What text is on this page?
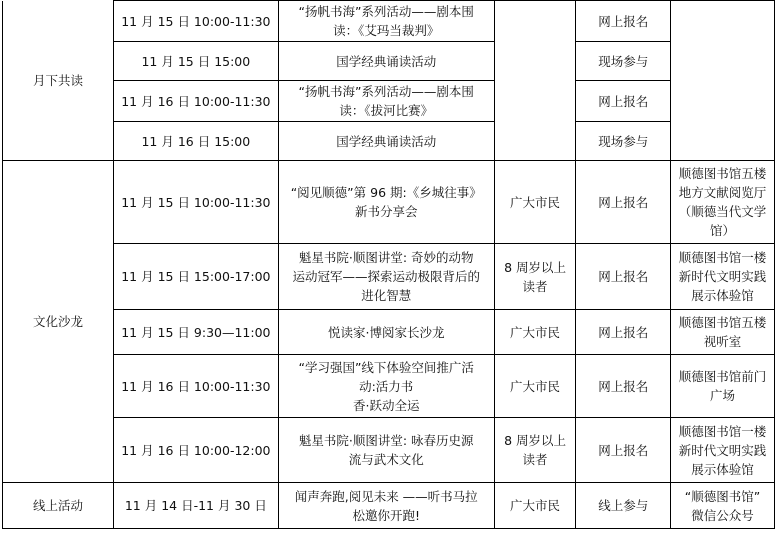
月下共读	11 月 15 日 10:00-11:30	“扬帆书海”系列活动——剧本围
读：《艾玛当裁判》		网上报名	

	11 月 15 日 15:00	国学经典诵读活动		现场参与	

	11 月 16 日 10:00-11:30	“扬帆书海”系列活动——剧本围
读：《拔河比赛》		网上报名	

	11 月 16 日 15:00	国学经典诵读活动		现场参与	

文化沙龙	11 月 15 日 10:00-11:30	“阅见顺德”第 96 期:《乡城往事》
新书分享会	广大市民	网上报名	顺德图书馆五楼
地方文献阅览厅
（顺德当代文学
馆）

	11 月 15 日 15:00-17:00	魁星书院·顺图讲堂: 奇妙的动物
运动冠军——探索运动极限背后的
进化智慧	8 周岁以上
读者	网上报名	顺德图书馆一楼
新时代文明实践
展示体验馆

	11 月 15 日 9:30—11:00	悦读家·博阅家长沙龙	广大市民	网上报名	顺德图书馆五楼
视听室

	11 月 16 日 10:00-11:30	“学习强国”线下体验空间推广活
动:活力书
香·跃动全运	广大市民	网上报名	顺德图书馆前门
广场

	11 月 16 日 10:00-12:00	魁星书院·顺图讲堂: 咏春历史源
流与武术文化	8 周岁以上
读者	网上报名	顺德图书馆一楼
新时代文明实践
展示体验馆

线上活动	11 月 14 日-11 月 30 日	闻声奔跑,阅见未来 ——听书马拉
松邀你开跑!	广大市民	线上参与	“顺德图书馆”
微信公众号
